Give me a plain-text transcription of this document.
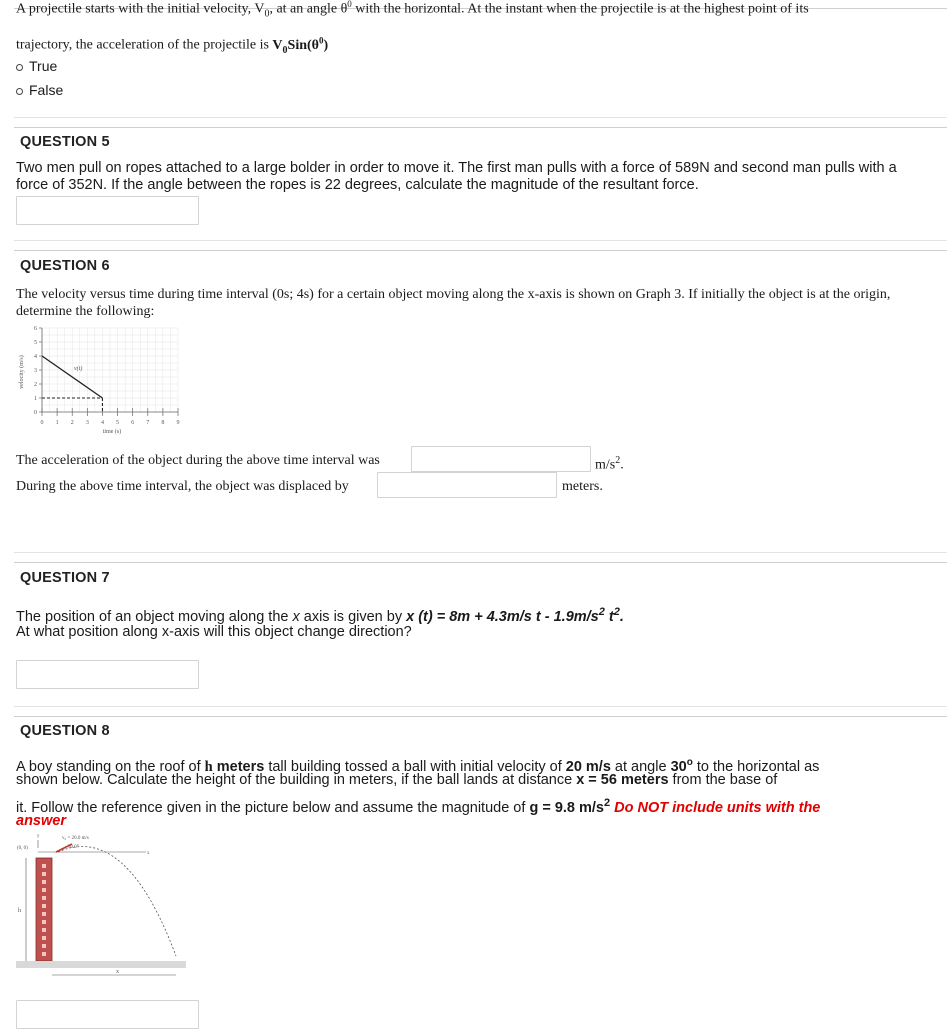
A projectile starts with the initial velocity, $V_0$, at an angle $\theta^0$ with the horizontal. At the instant when the projectile is at the highest point of its
trajectory, the acceleration of the projectile is $V_0Sin(\theta^0)$
True
False
QUESTION 5
Two men pull on ropes attached to a large bolder in order to move it. The first man pulls with a force of 589N and second man pulls with a force of 352N. If the angle between the ropes is 22 degrees, calculate the magnitude of the resultant force.
QUESTION 6
The velocity versus time during time interval (0s; 4s) for a certain object moving along the x-axis is shown on Graph 3. If initially the object is at the origin, determine the following:
0
1
2
3
4
5
6
0 1 2 3 4 5 6 7 8 9
v(t)
velocity (m/s)
time (s)
The acceleration of the object during the above time interval was	$m/s^2$.
During the above time interval, the object was displaced by	meters.
QUESTION 7
The position of an object moving along the x axis is given by x (t) = 8m + 4.3m/s t - $1.9m/s^2$ $t^2$.
At what position along x-axis will this object change direction?
QUESTION 8
A boy standing on the roof of h meters tall building tossed a ball with initial velocity of 20 m/s at angle 30$^o$ to the horizontal as
shown below. Calculate the height of the building in meters, if the ball lands at distance x = 56 meters from the base of
it. Follow the reference given in the picture below and assume the magnitude of g = 9.8 $m/s^2$ Do NOT include units with the
answer
y
x
(0, 0)
v₀ = 20.0 m/s
30.0°
h
x
